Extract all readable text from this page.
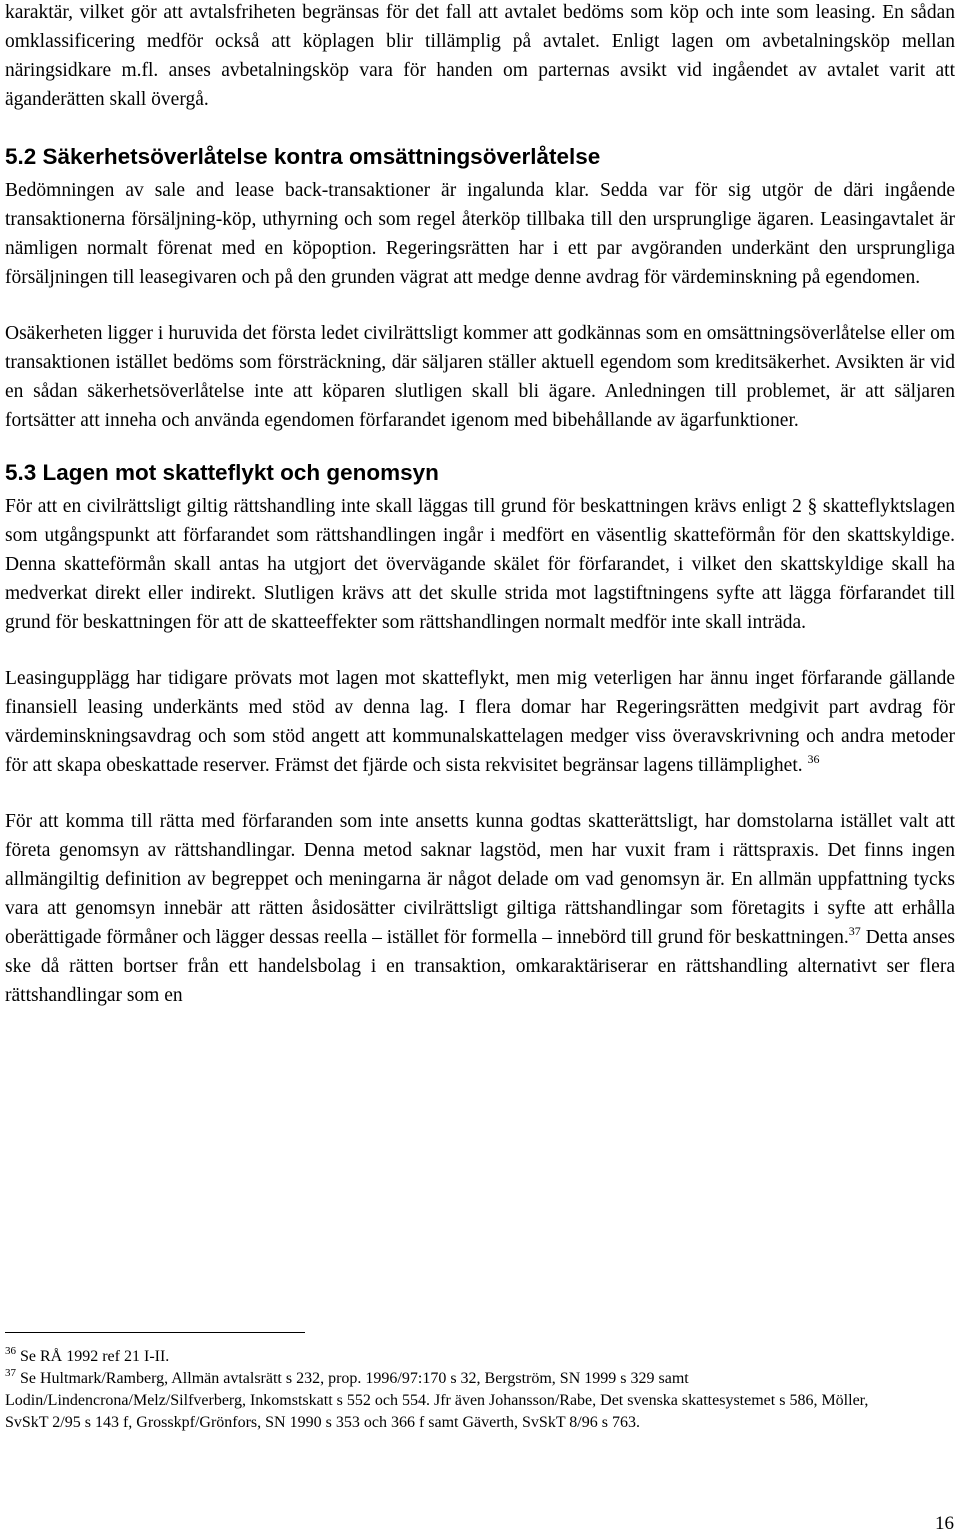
karaktär, vilket gör att avtalsfriheten begränsas för det fall att avtalet bedöms som köp och inte som leasing. En sådan omklassificering medför också att köplagen blir tillämplig på avtalet. Enligt lagen om avbetalningsköp mellan näringsidkare m.fl. anses avbetalningsköp vara för handen om parternas avsikt vid ingåendet av avtalet varit att äganderätten skall övergå.

5.2 Säkerhetsöverlåtelse kontra omsättningsöverlåtelse

Bedömningen av sale and lease back-transaktioner är ingalunda klar. Sedda var för sig utgör de däri ingående transaktionerna försäljning-köp, uthyrning och som regel återköp tillbaka till den ursprunglige ägaren. Leasingavtalet är nämligen normalt förenat med en köpoption. Regeringsrätten har i ett par avgöranden underkänt den ursprungliga försäljningen till leasegivaren och på den grunden vägrat att medge denne avdrag för värdeminskning på egendomen.

Osäkerheten ligger i huruvida det första ledet civilrättsligt kommer att godkännas som en omsättningsöverlåtelse eller om transaktionen istället bedöms som försträckning, där säljaren ställer aktuell egendom som kreditsäkerhet. Avsikten är vid en sådan säkerhetsöverlåtelse inte att köparen slutligen skall bli ägare. Anledningen till problemet, är att säljaren fortsätter att inneha och använda egendomen förfarandet igenom med bibehållande av ägarfunktioner.

5.3 Lagen mot skatteflykt och genomsyn

För att en civilrättsligt giltig rättshandling inte skall läggas till grund för beskattningen krävs enligt 2 § skatteflyktslagen som utgångspunkt att förfarandet som rättshandlingen ingår i medfört en väsentlig skatteförmån för den skattskyldige. Denna skatteförmån skall antas ha utgjort det övervägande skälet för förfarandet, i vilket den skattskyldige skall ha medverkat direkt eller indirekt. Slutligen krävs att det skulle strida mot lagstiftningens syfte att lägga förfarandet till grund för beskattningen för att de skatteeffekter som rättshandlingen normalt medför inte skall inträda.

Leasingupplägg har tidigare prövats mot lagen mot skatteflykt, men mig veterligen har ännu inget förfarande gällande finansiell leasing underkänts med stöd av denna lag. I flera domar har Regeringsrätten medgivit part avdrag för värdeminskningsavdrag och som stöd angett att kommunalskattelagen medger viss överavskrivning och andra metoder för att skapa obeskattade reserver. Främst det fjärde och sista rekvisitet begränsar lagens tillämplighet. $^{36}$

För att komma till rätta med förfaranden som inte ansetts kunna godtas skatterättsligt, har domstolarna istället valt att företa genomsyn av rättshandlingar. Denna metod saknar lagstöd, men har vuxit fram i rättspraxis. Det finns ingen allmängiltig definition av begreppet och meningarna är något delade om vad genomsyn är. En allmän uppfattning tycks vara att genomsyn innebär att rätten åsidosätter civilrättsligt giltiga rättshandlingar som företagits i syfte att erhålla oberättigade förmåner och lägger dessas reella – istället för formella – innebörd till grund för beskattningen.$^{37}$ Detta anses ske då rätten bortser från ett handelsbolag i en transaktion, omkaraktäriserar en rättshandling alternativt ser flera rättshandlingar som en

$^{36}$ Se RÅ 1992 ref 21 I-II.

$^{37}$ Se Hultmark/Ramberg, Allmän avtalsrätt s 232, prop. 1996/97:170 s 32, Bergström, SN 1999 s 329 samt Lodin/Lindencrona/Melz/Silfverberg, Inkomstskatt s 552 och 554. Jfr även Johansson/Rabe, Det svenska skattesystemet s 586, Möller, SvSkT 2/95 s 143 f, Grosskpf/Grönfors, SN 1990 s 353 och 366 f samt Gäverth, SvSkT 8/96 s 763.

16
